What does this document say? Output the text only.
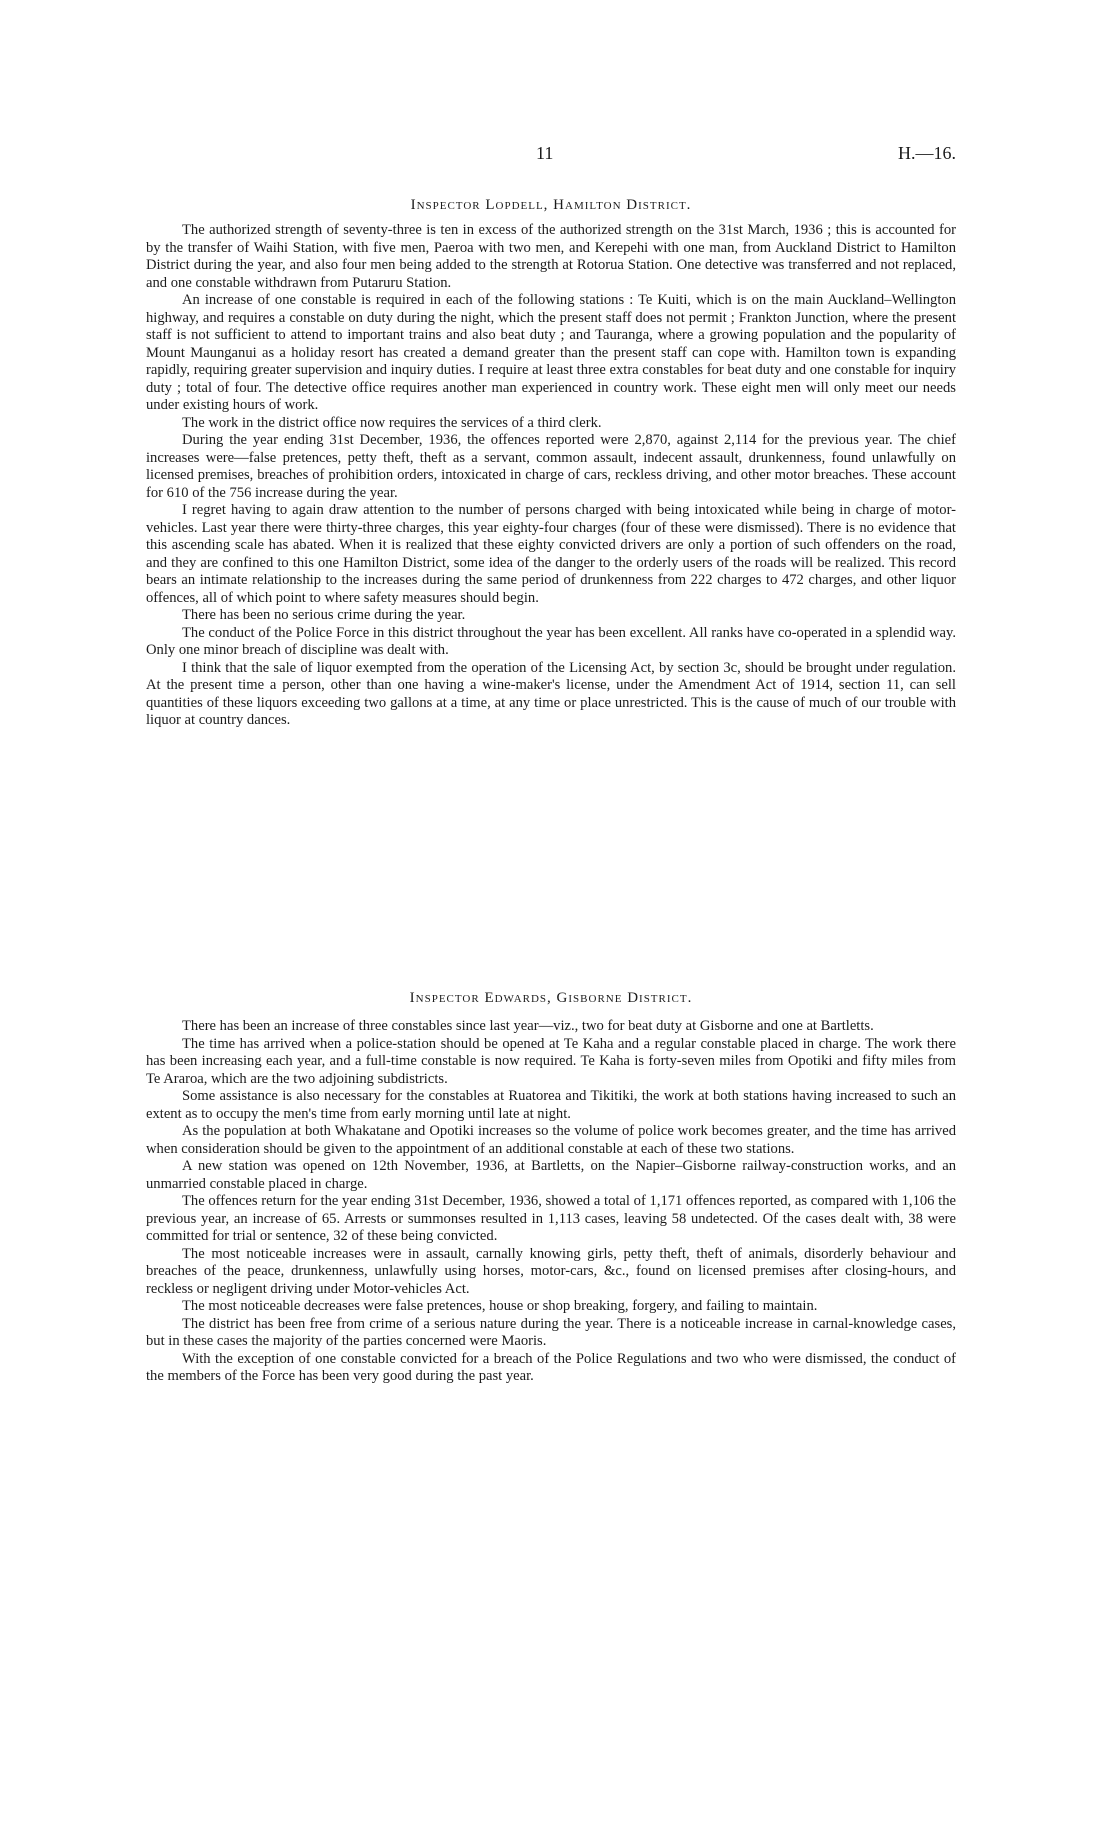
11	H.—16.
Inspector Lopdell, Hamilton District.

The authorized strength of seventy-three is ten in excess of the authorized strength on the 31st March, 1936 ; this is accounted for by the transfer of Waihi Station, with five men, Paeroa with two men, and Kerepehi with one man, from Auckland District to Hamilton District during the year, and also four men being added to the strength at Rotorua Station. One detective was transferred and not replaced, and one constable withdrawn from Putaruru Station.

An increase of one constable is required in each of the following stations : Te Kuiti, which is on the main Auckland–Wellington highway, and requires a constable on duty during the night, which the present staff does not permit ; Frankton Junction, where the present staff is not sufficient to attend to important trains and also beat duty ; and Tauranga, where a growing population and the popularity of Mount Maunganui as a holiday resort has created a demand greater than the present staff can cope with. Hamilton town is expanding rapidly, requiring greater supervision and inquiry duties. I require at least three extra constables for beat duty and one constable for inquiry duty ; total of four. The detective office requires another man experienced in country work. These eight men will only meet our needs under existing hours of work.

The work in the district office now requires the services of a third clerk.

During the year ending 31st December, 1936, the offences reported were 2,870, against 2,114 for the previous year. The chief increases were—false pretences, petty theft, theft as a servant, common assault, indecent assault, drunkenness, found unlawfully on licensed premises, breaches of prohibition orders, intoxicated in charge of cars, reckless driving, and other motor breaches. These account for 610 of the 756 increase during the year.

I regret having to again draw attention to the number of persons charged with being intoxicated while being in charge of motor-vehicles. Last year there were thirty-three charges, this year eighty-four charges (four of these were dismissed). There is no evidence that this ascending scale has abated. When it is realized that these eighty convicted drivers are only a portion of such offenders on the road, and they are confined to this one Hamilton District, some idea of the danger to the orderly users of the roads will be realized. This record bears an intimate relationship to the increases during the same period of drunkenness from 222 charges to 472 charges, and other liquor offences, all of which point to where safety measures should begin.

There has been no serious crime during the year.

The conduct of the Police Force in this district throughout the year has been excellent. All ranks have co-operated in a splendid way. Only one minor breach of discipline was dealt with.

I think that the sale of liquor exempted from the operation of the Licensing Act, by section 3c, should be brought under regulation. At the present time a person, other than one having a wine-maker's license, under the Amendment Act of 1914, section 11, can sell quantities of these liquors exceeding two gallons at a time, at any time or place unrestricted. This is the cause of much of our trouble with liquor at country dances.

Inspector Edwards, Gisborne District.

There has been an increase of three constables since last year—viz., two for beat duty at Gisborne and one at Bartletts.

The time has arrived when a police-station should be opened at Te Kaha and a regular constable placed in charge. The work there has been increasing each year, and a full-time constable is now required. Te Kaha is forty-seven miles from Opotiki and fifty miles from Te Araroa, which are the two adjoining subdistricts.

Some assistance is also necessary for the constables at Ruatorea and Tikitiki, the work at both stations having increased to such an extent as to occupy the men's time from early morning until late at night.

As the population at both Whakatane and Opotiki increases so the volume of police work becomes greater, and the time has arrived when consideration should be given to the appointment of an additional constable at each of these two stations.

A new station was opened on 12th November, 1936, at Bartletts, on the Napier–Gisborne railway-construction works, and an unmarried constable placed in charge.

The offences return for the year ending 31st December, 1936, showed a total of 1,171 offences reported, as compared with 1,106 the previous year, an increase of 65. Arrests or summonses resulted in 1,113 cases, leaving 58 undetected. Of the cases dealt with, 38 were committed for trial or sentence, 32 of these being convicted.

The most noticeable increases were in assault, carnally knowing girls, petty theft, theft of animals, disorderly behaviour and breaches of the peace, drunkenness, unlawfully using horses, motor-cars, &c., found on licensed premises after closing-hours, and reckless or negligent driving under Motor-vehicles Act.

The most noticeable decreases were false pretences, house or shop breaking, forgery, and failing to maintain.

The district has been free from crime of a serious nature during the year. There is a noticeable increase in carnal-knowledge cases, but in these cases the majority of the parties concerned were Maoris.

With the exception of one constable convicted for a breach of the Police Regulations and two who were dismissed, the conduct of the members of the Force has been very good during the past year.
